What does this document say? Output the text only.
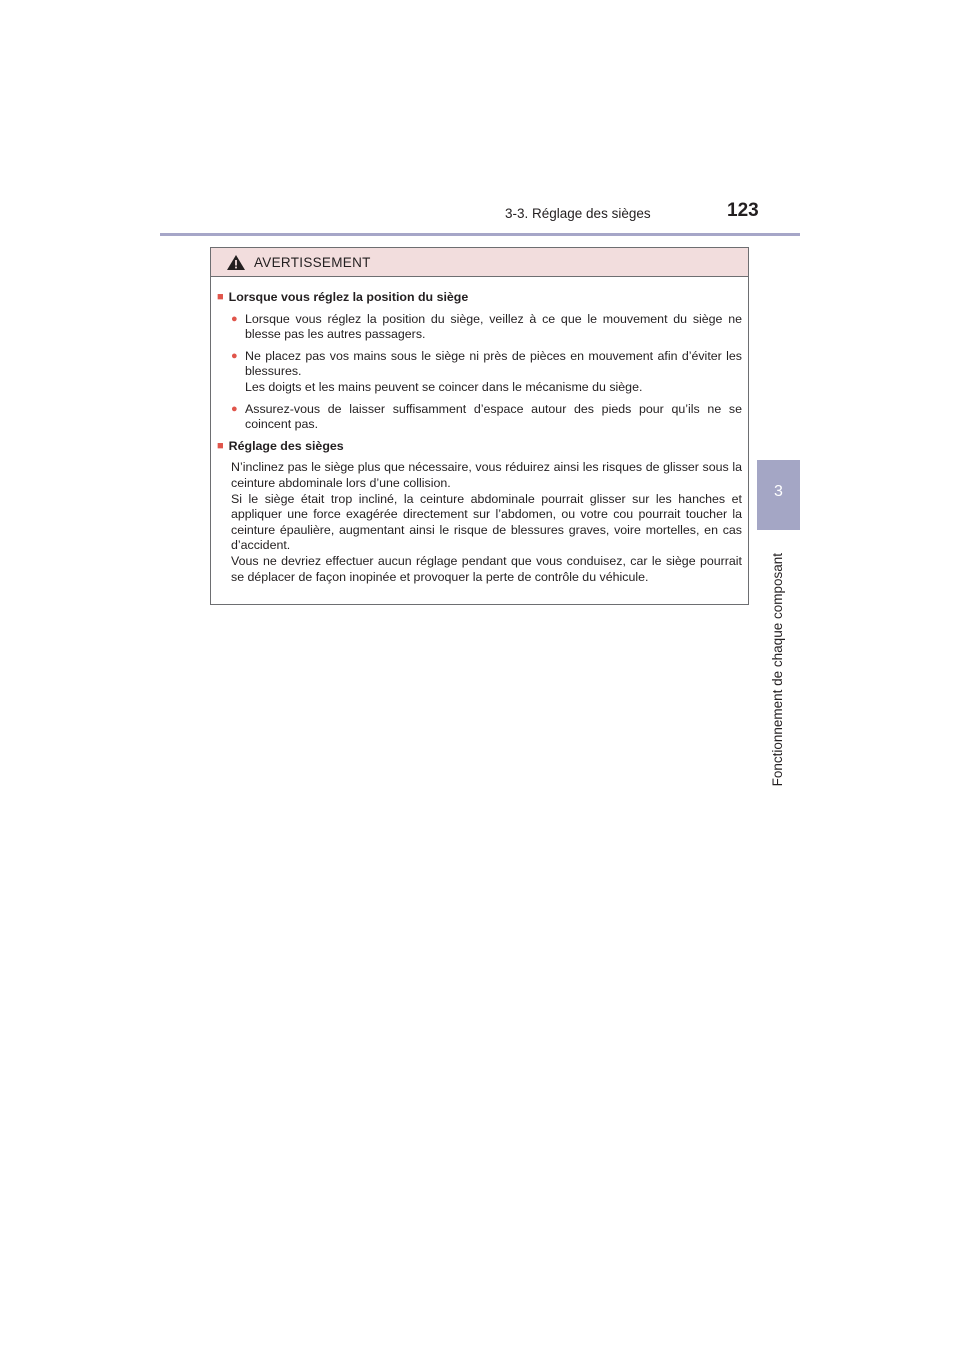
3-3. Réglage des sièges	123
3
Fonctionnement de chaque composant
AVERTISSEMENT
■ Lorsque vous réglez la position du siège
● Lorsque vous réglez la position du siège, veillez à ce que le mouvement du siège ne blesse pas les autres passagers.
● Ne placez pas vos mains sous le siège ni près de pièces en mouvement afin d’éviter les blessures.
Les doigts et les mains peuvent se coincer dans le mécanisme du siège.
● Assurez-vous de laisser suffisamment d’espace autour des pieds pour qu’ils ne se coincent pas.
■ Réglage des sièges
N’inclinez pas le siège plus que nécessaire, vous réduirez ainsi les risques de glisser sous la ceinture abdominale lors d’une collision.
Si le siège était trop incliné, la ceinture abdominale pourrait glisser sur les hanches et appliquer une force exagérée directement sur l’abdomen, ou votre cou pourrait toucher la ceinture épaulière, augmentant ainsi le risque de blessures graves, voire mortelles, en cas d’accident.
Vous ne devriez effectuer aucun réglage pendant que vous conduisez, car le siège pourrait se déplacer de façon inopinée et provoquer la perte de contrôle du véhicule.
